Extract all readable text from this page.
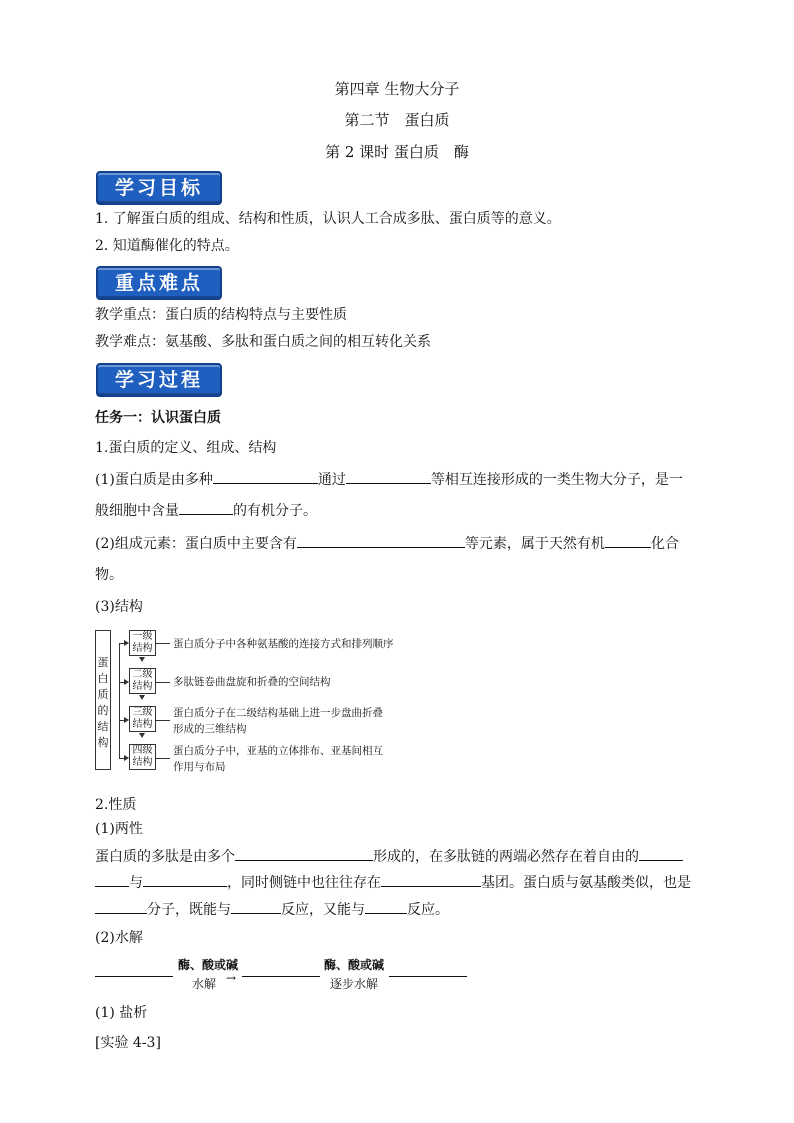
第四章 生物大分子
第二节　蛋白质
第 2 课时 蛋白质　酶
学习目标
1. 了解蛋白质的组成、结构和性质，认识人工合成多肽、蛋白质等的意义。
2. 知道酶催化的特点。
重点难点
教学重点：蛋白质的结构特点与主要性质
教学难点：氨基酸、多肽和蛋白质之间的相互转化关系
学习过程
任务一：认识蛋白质
1.蛋白质的定义、组成、结构
(1)蛋白质是由多种	通过	等相互连接形成的一类生物大分子，是一
般细胞中含量	的有机分子。
(2)组成元素：蛋白质中主要含有	等元素，属于天然有机	化合
物。
(3)结构
蛋
白
质
的
结
构
一级
结构
二级
结构
三级
结构
四级
结构
蛋白质分子中各种氨基酸的连接方式和排列顺序
多肽链卷曲盘旋和折叠的空间结构
蛋白质分子在二级结构基础上进一步盘曲折叠
形成的三维结构
蛋白质分子中，亚基的立体排布、亚基间相互
作用与布局
2.性质
(1)两性
蛋白质的多肽是由多个	形成的，在多肽链的两端必然存在着自由的
与	，同时侧链中也往往存在	基团。蛋白质与氨基酸类似，也是
分子，既能与	反应，又能与	反应。
(2)水解
酶、酸或碱
水解 →
酶、酸或碱
逐步水解
(1) 盐析
[实验 4-3]
